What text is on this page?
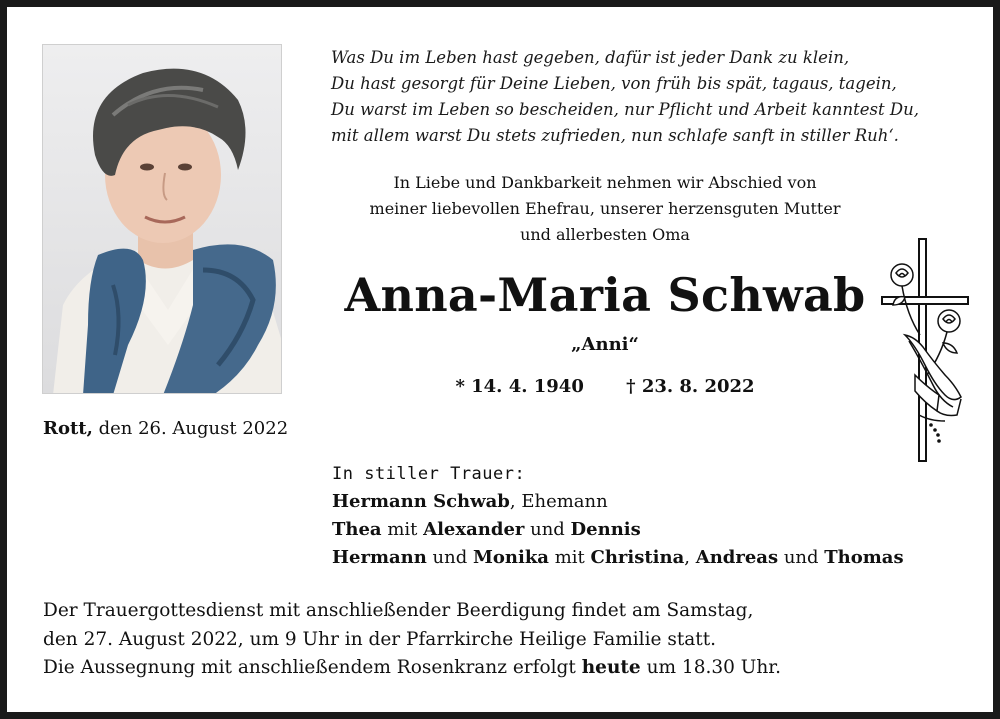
Was Du im Leben hast gegeben, dafür ist jeder Dank zu klein,
Du hast gesorgt für Deine Lieben, von früh bis spät, tagaus, tagein,
Du warst im Leben so bescheiden, nur Pflicht und Arbeit kanntest Du,
mit allem warst Du stets zufrieden, nun schlafe sanft in stiller Ruh‘.
In Liebe und Dankbarkeit nehmen wir Abschied von
meiner liebevollen Ehefrau, unserer herzensguten Mutter
und allerbesten Oma
Anna-Maria Schwab
„Anni“
* 14. 4. 1940 † 23. 8. 2022
Rott, den 26. August 2022
In stiller Trauer:
Hermann Schwab, Ehemann
Thea mit Alexander und Dennis
Hermann und Monika mit Christina, Andreas und Thomas
Der Trauergottesdienst mit anschließender Beerdigung findet am Samstag,
den 27. August 2022, um 9 Uhr in der Pfarrkirche Heilige Familie statt.
Die Aussegnung mit anschließendem Rosenkranz erfolgt heute um 18.30 Uhr.
